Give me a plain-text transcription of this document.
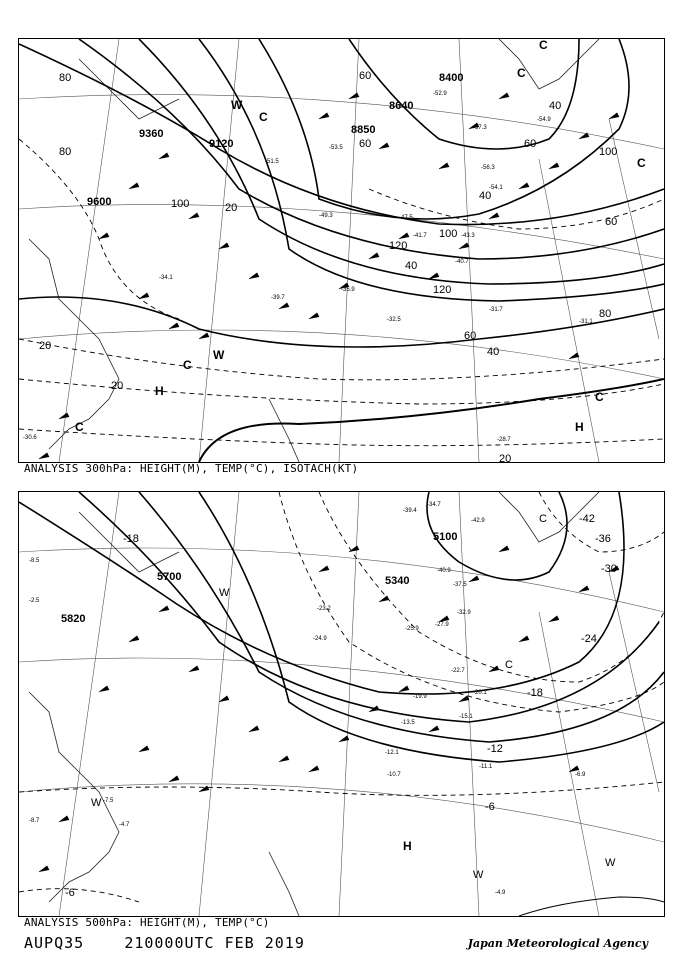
8400
8640
8850
9360
9120
9600
80
80
60
60	60
40
40
100
100
100
120
120
60
40
20
20
20
20
80
60
40
H
H
C
C
C
C
W
C
C
W
C
-31.7
-31.1
-32.5
-35.9
-39.7
-34.1
-30.6	-28.7
-41.7	-43.3
-47.5
-49.3
-51.5
-54.9
-56.3
-57.3
-52.9
-53.5
-54.1
-40.7
ANALYSIS 300hPa: HEIGHT(M), TEMP(°C), ISOTACH(KT)
5100
5340
5700
5820
-42
-36
-30
-24
-18
-12
-6
-18
-6
H
W
W
W
W
C
C
-34.7
-39.4
-42.9
-40.9
-37.5
-32.9
-27.9
-25.9
-20.1
-15.1
-13.5
-12.1
-10.7
-11.1
-6.9
-4.9
-8.5
-7.5
-4.7
-2.5
-8.7
-19.9
-22.7
-23.2
-24.9
ANALYSIS 500hPa: HEIGHT(M), TEMP(°C)
AUPQ35	210000UTC FEB 2019	Japan Meteorological Agency
